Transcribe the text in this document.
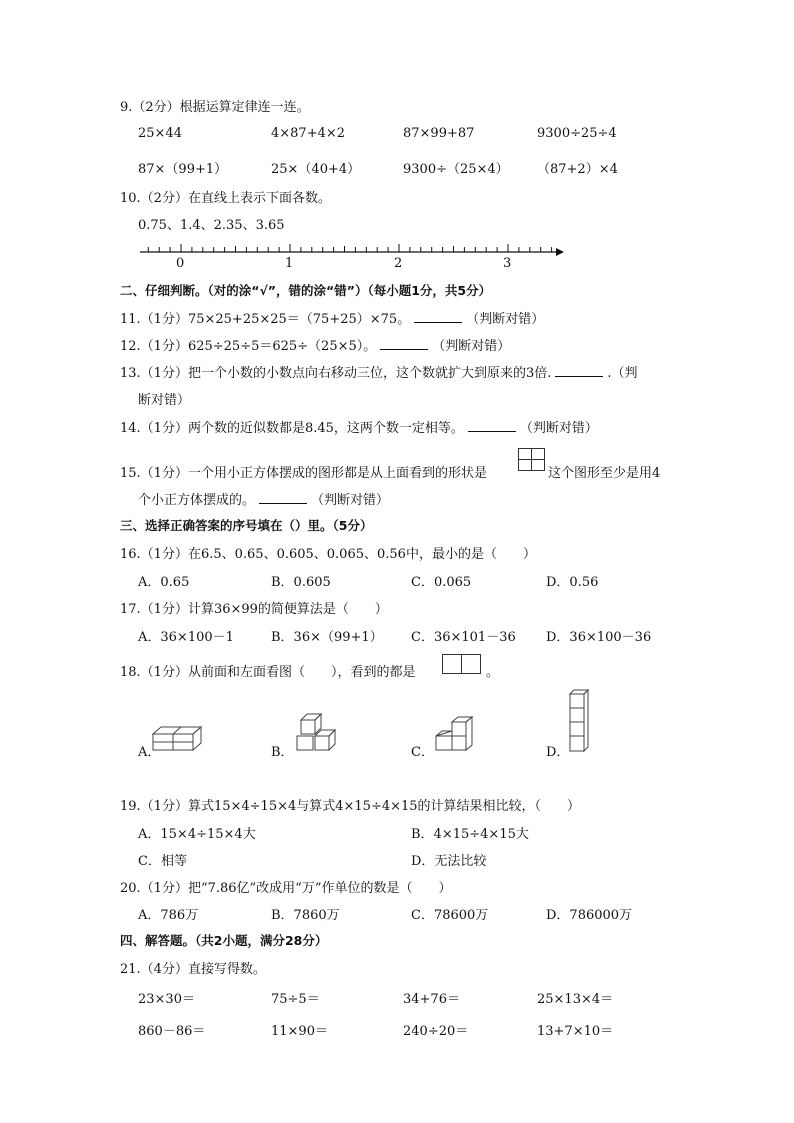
9.（2分）根据运算定律连一连。
25×44	4×87+4×2	87×99+87	9300÷25÷4
87×（99+1）	25×（40+4）	9300÷（25×4） （87+2）×4
10.（2分）在直线上表示下面各数。
0.75、1.4、2.35、3.65
0	1	2	3
二、仔细判断。（对的涂“√”，错的涂“错”）（每小题1分，共5分）
11.（1分）75×25+25×25＝（75+25）×75。	（判断对错）
12.（1分）625÷25÷5＝625÷（25×5）。	（判断对错）
13.（1分）把一个小数的小数点向右移动三位，这个数就扩大到原来的3倍.	.（判
断对错）
14.（1分）两个数的近似数都是8.45，这两个数一定相等。	（判断对错）
15.（1分）一个用小正方体摆成的图形都是从上面看到的形状是	这个图形至少是用4
个小正方体摆成的。	（判断对错）
三、选择正确答案的序号填在（）里。（5分）
16.（1分）在6.5、0.65、0.605、0.065、0.56中，最小的是（　　）
A．0.65	B．0.605	C．0.065	D．0.56
17.（1分）计算36×99的简便算法是（　　）
A．36×100－1	B．36×（99+1） C．36×101－36 D．36×100－36
18.（1分）从前面和左面看图（　　），看到的都是	。
A．	B．	C．	D．
19.（1分）算式15×4÷15×4与算式4×15÷4×15的计算结果相比较，（　　）
A．15×4÷15×4大	B．4×15÷4×15大
C．相等	D．无法比较
20.（1分）把“7.86亿”改成用“万”作单位的数是（　　）
A．786万	B．7860万	C．78600万	D．786000万
四、解答题。（共2小题，满分28分）
21.（4分）直接写得数。
23×30＝	75÷5＝	34+76＝	25×13×4＝
860－86＝	11×90＝	240÷20＝	13+7×10＝
